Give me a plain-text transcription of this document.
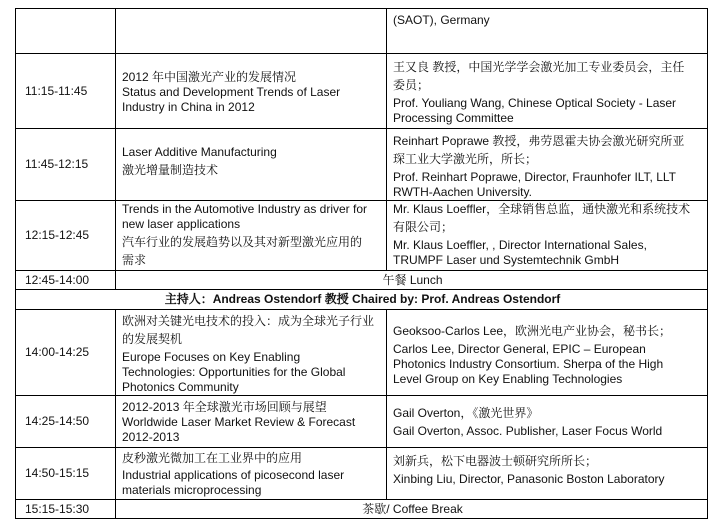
		(SAOT), Germany

11:15-11:45	2012 年中国激光产业的发展情况
Status and Development Trends of Laser
Industry in China in 2012	王又良 教授，中国光学学会激光加工专业委员会，主任
委员；
Prof. Youliang Wang, Chinese Optical Society - Laser
Processing Committee

11:45-12:15	Laser Additive Manufacturing
激光增量制造技术	Reinhart Poprawe 教授，弗劳恩霍夫协会激光研究所亚
琛工业大学激光所，所长；
Prof. Reinhart Poprawe, Director, Fraunhofer ILT, LLT
RWTH-Aachen University.

12:15-12:45	Trends in the Automotive Industry as driver for
new laser applications
汽车行业的发展趋势以及其对新型激光应用的
需求	Mr. Klaus Loeffler，全球销售总监，通快激光和系统技术
有限公司；
Mr. Klaus Loeffler, , Director International Sales,
TRUMPF Laser und Systemtechnik GmbH

12:45-14:00	午餐 Lunch	
主持人：Andreas Ostendorf 教授 Chaired by: Prof. Andreas Ostendorf		
14:00-14:25	欧洲对关键光电技术的投入：成为全球光子行业
的发展契机
Europe Focuses on Key Enabling
Technologies: Opportunities for the Global
Photonics Community	Geoksoo-Carlos Lee，欧洲光电产业协会，秘书长；
Carlos Lee, Director General, EPIC – European
Photonics Industry Consortium. Sherpa of the High
Level Group on Key Enabling Technologies

14:25-14:50	2012-2013 年全球激光市场回顾与展望
Worldwide Laser Market Review & Forecast
2012-2013	Gail Overton，《激光世界》
Gail Overton, Assoc. Publisher, Laser Focus World

14:50-15:15	皮秒激光微加工在工业界中的应用
Industrial applications of picosecond laser
materials microprocessing	刘新兵，松下电器波士顿研究所所长；
Xinbing Liu, Director, Panasonic Boston Laboratory

15:15-15:30	茶歇/ Coffee Break	
